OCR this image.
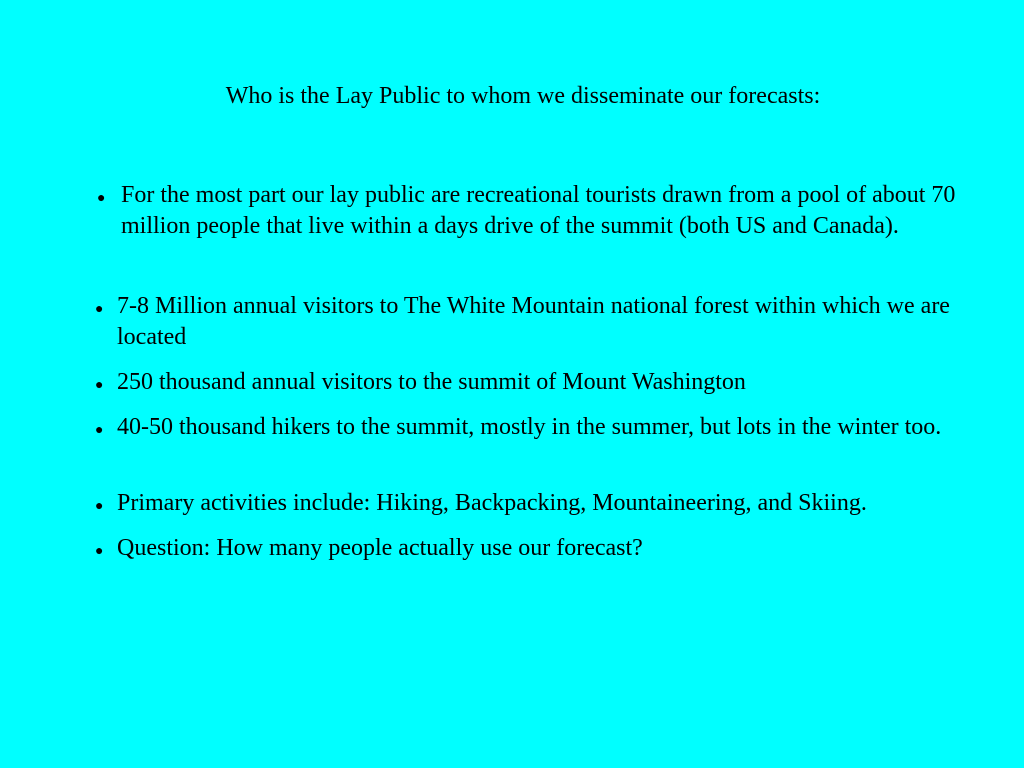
Who is the Lay Public to whom we disseminate our forecasts:
● For the most part our lay public are recreational tourists drawn from a pool of about 70 million people that live within a days drive of the summit (both US and Canada).
● 7-8 Million annual visitors to The White Mountain national forest within which we are located
● 250 thousand annual visitors to the summit of Mount Washington
● 40-50 thousand hikers to the summit, mostly in the summer, but lots in the winter too.
● Primary activities include: Hiking, Backpacking, Mountaineering, and Skiing.
● Question: How many people actually use our forecast?
